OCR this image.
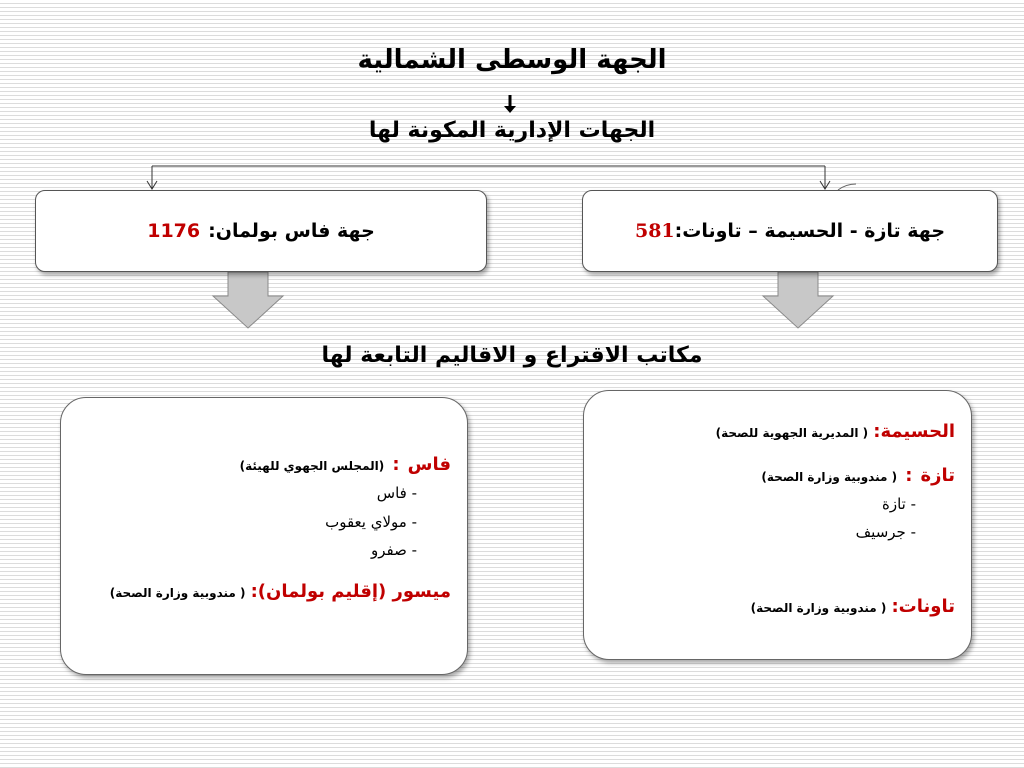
الجهة الوسطى الشمالية
الجهات الإدارية المكونة لها
جهة فاس بولمان:
1176	جهة تازة - الحسيمة – تاونات:
581
مكاتب الاقتراع و الاقاليم التابعة لها
فاس : (المجلس الجهوي للهيئة)
- فاس
- مولاي يعقوب
- صفرو
ميسور (إقليم بولمان): ( مندوبية وزارة الصحة)
الحسيمة: ( المديرية الجهوية للصحة)
تازة : ( مندوبية وزارة الصحة)
- تازة
- جرسيف
تاونات: ( مندوبية وزارة الصحة)
